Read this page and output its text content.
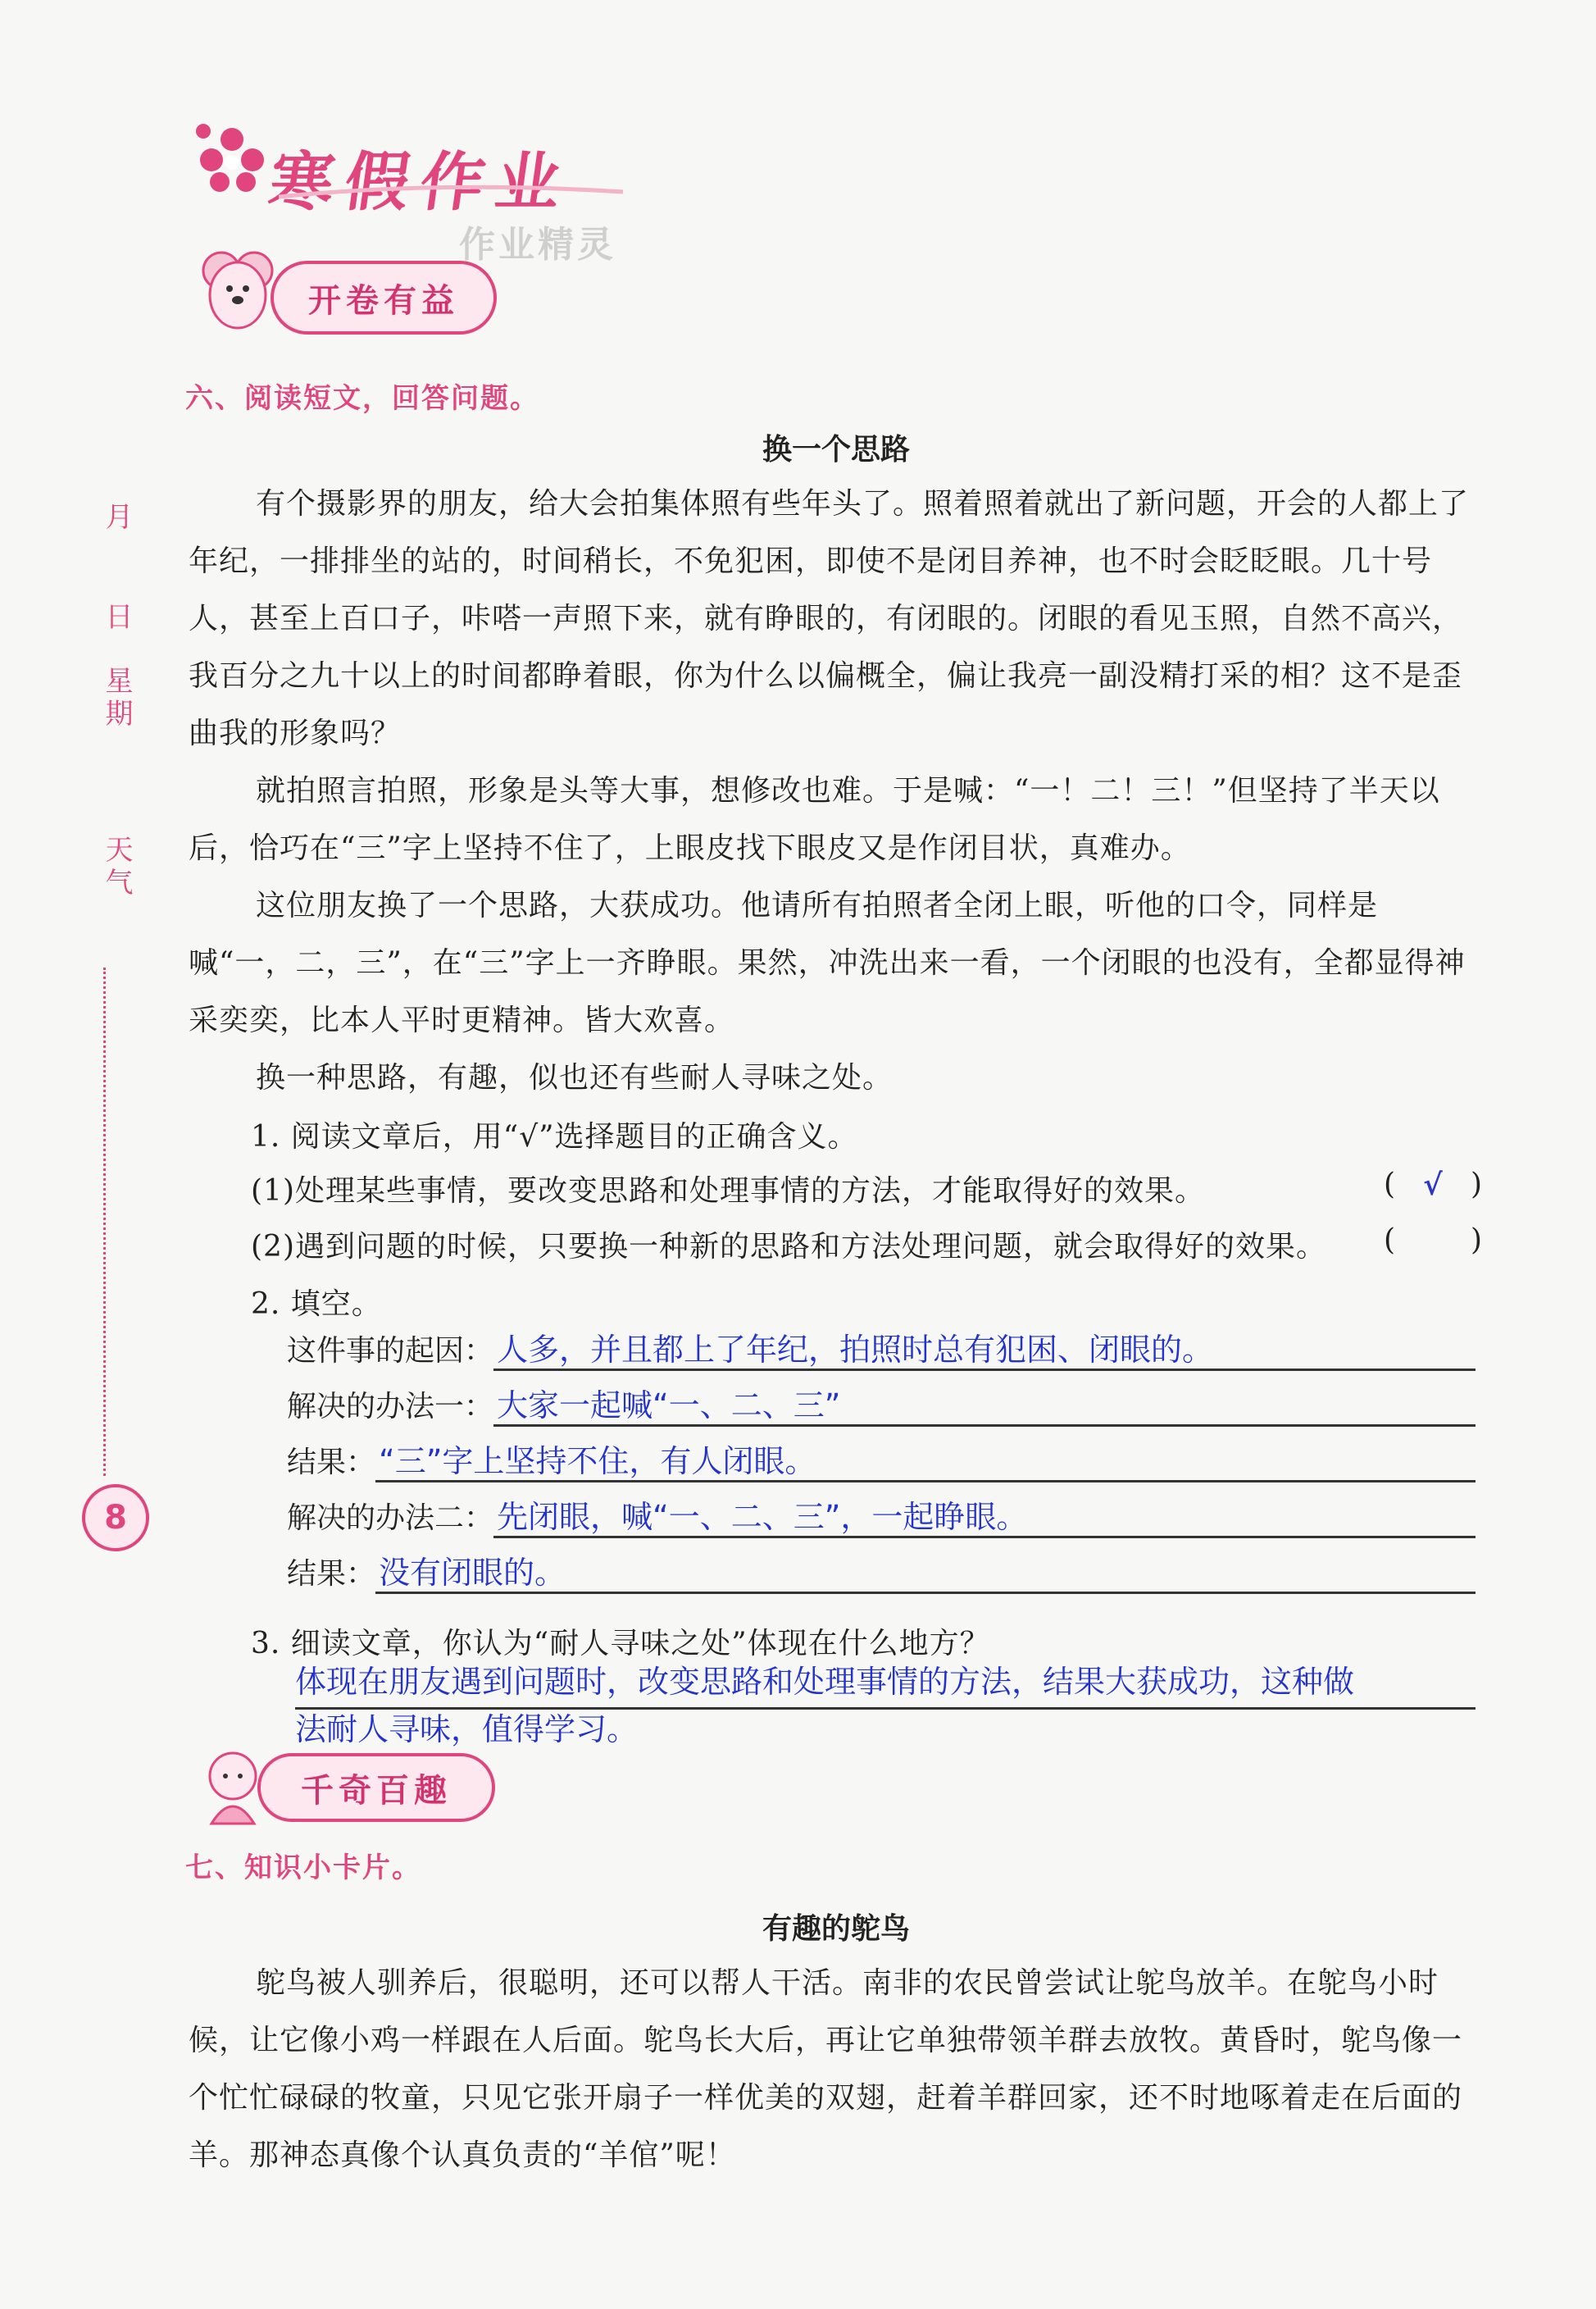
寒假作业
作业精灵
月
日
星期
天气
8
开卷有益
六、阅读短文，回答问题。
换一个思路

有个摄影界的朋友，给大会拍集体照有些年头了。照着照着就出了新问题，开会的人都上了年纪，一排排坐的站的，时间稍长，不免犯困，即使不是闭目养神，也不时会眨眨眼。几十号人，甚至上百口子，咔嗒一声照下来，就有睁眼的，有闭眼的。闭眼的看见玉照，自然不高兴，我百分之九十以上的时间都睁着眼，你为什么以偏概全，偏让我亮一副没精打采的相？这不是歪曲我的形象吗？

就拍照言拍照，形象是头等大事，想修改也难。于是喊：“一！二！三！”但坚持了半天以后，恰巧在“三”字上坚持不住了，上眼皮找下眼皮又是作闭目状，真难办。

这位朋友换了一个思路，大获成功。他请所有拍照者全闭上眼，听他的口令，同样是喊“一，二，三”，在“三”字上一齐睁眼。果然，冲洗出来一看，一个闭眼的也没有，全都显得神采奕奕，比本人平时更精神。皆大欢喜。

换一种思路，有趣，似也还有些耐人寻味之处。

1. 阅读文章后，用“√”选择题目的正确含义。
(1)处理某些事情，要改变思路和处理事情的方法，才能取得好的效果。	( √ )
(2)遇到问题的时候，只要换一种新的思路和方法处理问题，就会取得好的效果。 (	)
2. 填空。
这件事的起因： 人多，并且都上了年纪，拍照时总有犯困、闭眼的。
解决的办法一： 大家一起喊“一、二、三”
结果： “三”字上坚持不住，有人闭眼。
解决的办法二： 先闭眼，喊“一、二、三”，一起睁眼。
结果： 没有闭眼的。
3. 细读文章，你认为“耐人寻味之处”体现在什么地方？
体现在朋友遇到问题时，改变思路和处理事情的方法，结果大获成功，这种做
法耐人寻味，值得学习。
千奇百趣
七、知识小卡片。
有趣的鸵鸟

鸵鸟被人驯养后，很聪明，还可以帮人干活。南非的农民曾尝试让鸵鸟放羊。在鸵鸟小时候，让它像小鸡一样跟在人后面。鸵鸟长大后，再让它单独带领羊群去放牧。黄昏时，鸵鸟像一个忙忙碌碌的牧童，只见它张开扇子一样优美的双翅，赶着羊群回家，还不时地啄着走在后面的羊。那神态真像个认真负责的“羊倌”呢！
